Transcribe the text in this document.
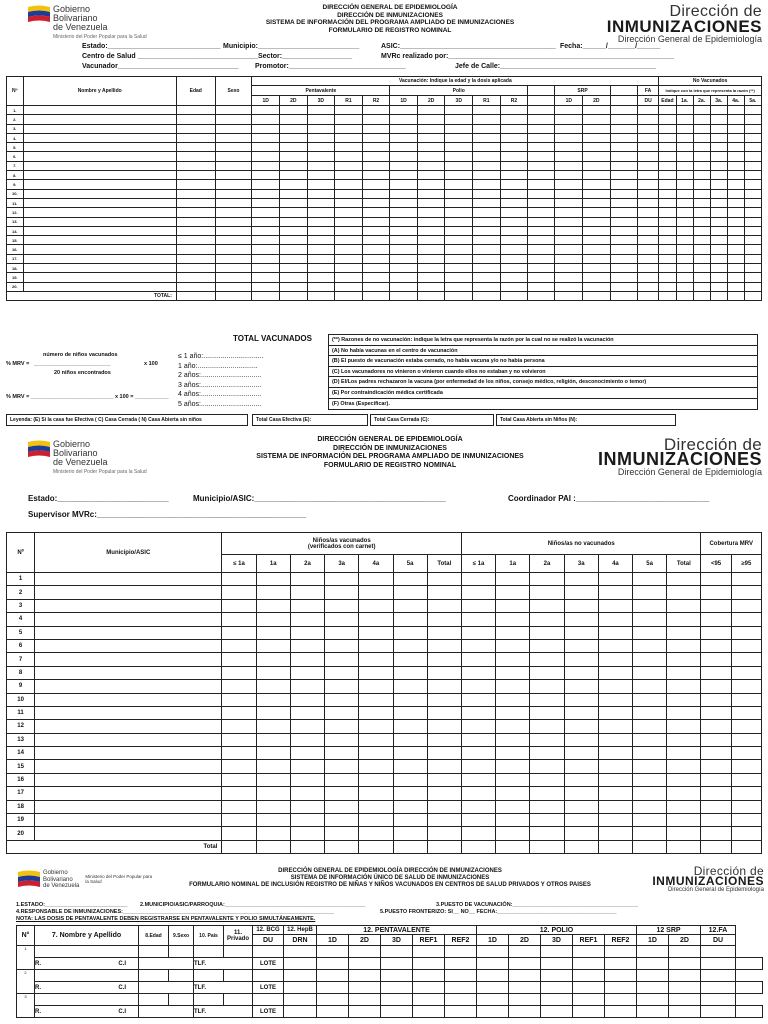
Gobierno
Bolivariano
de Venezuela
Ministerio del Poder Popular para la Salud
DIRECCIÓN GENERAL DE EPIDEMIOLOGÍA
DIRECCIÓN DE INMUNIZACIONES
SISTEMA DE INFORMACIÓN DEL PROGRAMA AMPLIADO DE INMUNIZACIONES
FORMULARIO DE REGISTRO NOMINAL
Dirección de
INMUNIZACIONES
Dirección General de Epidemiología
Estado:_____________________________ Municipio:__________________________	ASIC:________________________________________ Fecha:______/_______/______
Centro de Salud _______________________________ Sector:__________________	MVRc realizado por:__________________________________________________________
Vacunador_______________________________ Promotor:______________________________	Jefe de Calle:________________________________________
Nº	Nombre y Apellido	Edad	Sexo	Vacunación: Indique la edad y la dosis aplicada															No Vacunados					
				Pentavalente					Polio						SRP			FA	Indique con la letra que representa la razón (**)					
				1D	2D	3D	R1	R2	1D	2D	3D	R1	R2		1D	2D		DU	Edad	1a.	2a.	3a.	4a.	5a.
1.																								
2.																								
3.																								
4.																								
5.																								
6.																								
7.																								
8.																								
9.																								
10.																								
11.																								
12.																								
13.																								
14.																								
15.																								
16.																								
17.																								
18.																								
19.																								
20.																								
TOTAL:																								
TOTAL VACUNADOS
número de niños vacunados
% MRV = _________________________	x 100
20 niños encontrados
% MRV = ___________________________ x 100 = ___________
≤ 1 año:...............................
1 año:...............................
2 años:...............................
3 años:...............................
4 años:...............................
5 años:...............................
(**) Razones de no vacunación: indique la letra que representa la razón por la cual no se realizó la vacunación
(A) No había vacunas en el centro de vacunación
(B) El puesto de vacunación estaba cerrado, no había vacuna y/o no había persona
(C) Los vacunadores no vinieron o vinieron cuando ellos no estaban y no volvieron
(D) El/Los padres rechazaron la vacuna (por enfermedad de los niños, consejo médico, religión, desconocimiento o temor)
(E) Por contraindicación médica certificada
(F) Otras (Especificar).
Leyenda: (E) Si la casa fue Efectiva ( C) Casa Cerrada ( N) Casa Abierta sin niños	Total Casa Efectiva (E):	Total Casa Cerrada (C):	Total Casa Abierta sin Niños (N):
Gobierno
Bolivariano
de Venezuela
Ministerio del Poder Popular para la Salud
DIRECCIÓN GENERAL DE EPIDEMIOLOGÍA
DIRECCIÓN DE INMUNIZACIONES
SISTEMA DE INFORMACIÓN DEL PROGRAMA AMPLIADO DE INMUNIZACIONES
FORMULARIO DE REGISTRO NOMINAL
Dirección de
INMUNIZACIONES
Dirección General de Epidemiología
Estado:_________________________	Municipio/ASIC:___________________________________________	Coordinador PAI :______________________________
Supervisor MVRc:_______________________________________________
Nº	Municipio/ASIC	Niños/as vacunados
(verificados con carnet)							Niños/as no vacunados							Cobertura MRV	
		≤ 1a	1a	2a	3a	4a	5a	Total	≤ 1a	1a	2a	3a	4a	5a	Total	<95	≥95
1																	
2																	
3																	
4																	
5																	
6																	
7																	
8																	
9																	
10																	
11																	
12																	
13																	
14																	
15																	
16																	
17																	
18																	
19																	
20																	
Total																	
Gobierno
Bolivariano
de Venezuela
Ministerio del Poder Popular para la Salud
DIRECCIÓN GENERAL DE EPIDEMIOLOGÍA DIRECCIÓN DE INMUNIZACIONES
SISTEMA DE INFORMACIÓN ÚNICO DE SALUD DE INMUNIZACIONES
FORMULARIO NOMINAL DE INCLUSIÓN REGISTRO DE NIÑAS Y NIÑOS VACUNADOS EN CENTROS DE SALUD PRIVADOS Y OTROS PAISES
Dirección de
INMUNIZACIONES
Dirección General de Epidemiología
1.ESTADO:___________________________ 2.MUNICIPIO/ASIC/PARROQUIA:______________________________________________	3.PUESTO DE VACUNACIÓN:_________________________________________
4.RESPONSABLE DE INMUNIZACIONES:_____________________________________________________________________	5.PUESTO FRONTERIZO: SI__ NO__ FECHA:_______________________________________
NOTA: LAS DOSIS DE PENTAVALENTE DEBEN REGISTRARSE EN PENTAVALENTE Y POLIO SIMULTÁNEAMENTE.
N°	7. Nombre y Apellido	8.Edad	9.Sexo	10. País	11. Privado	12. BCG	12. HepB	12. PENTAVALENTE					12. POLIO					12 SRP		12.FA	
						DU	DRN	1D	2D	3D	REF1	REF2	1D	2D	3D	REF1	REF2	1D	2D	DU	
1																					
	R. C.I			TLF.		LOTE															
2																					
	R. C.I			TLF.		LOTE															
3																					
	R. C.I			TLF.		LOTE															
